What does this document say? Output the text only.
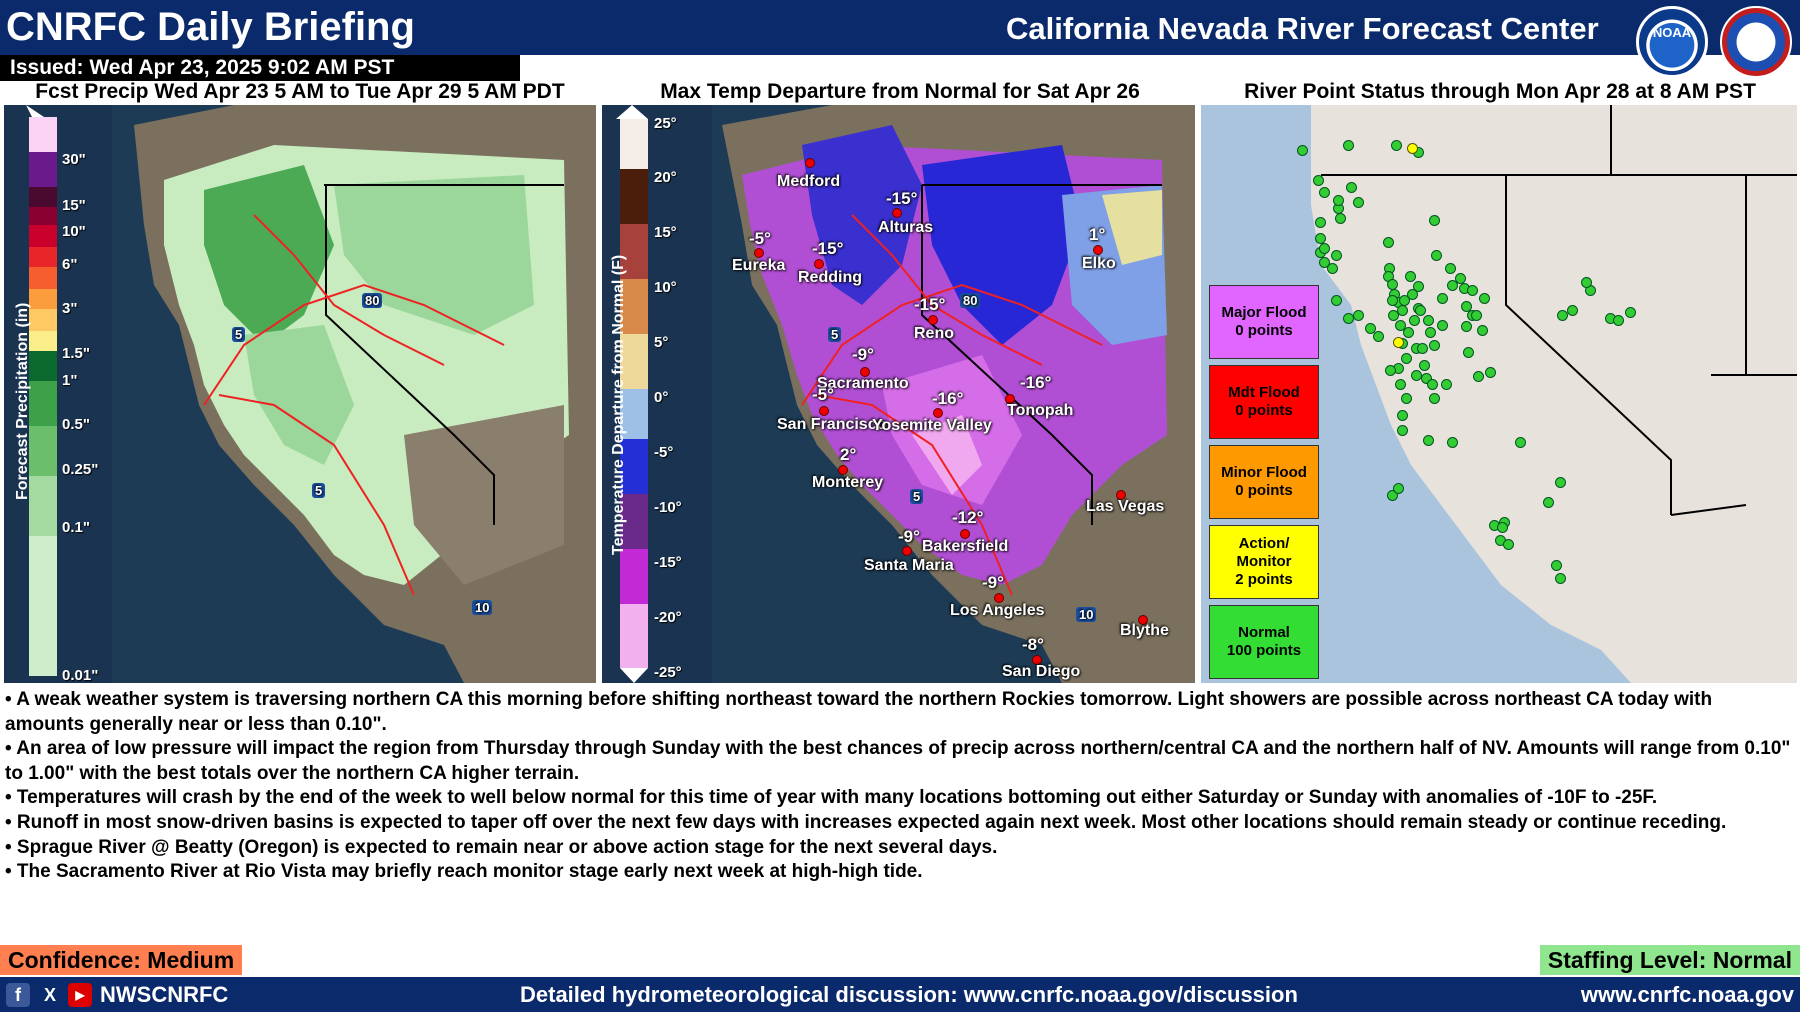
CNRFC Daily Briefing	California Nevada River Forecast Center	NOAA
Issued: Wed Apr 23, 2025 9:02 AM PST
Fcst Precip Wed Apr 23 5 AM to Tue Apr 29 5 AM PDT	Max Temp Departure from Normal for Sat Apr 26	River Point Status through Mon Apr 28 at 8 AM PST
Forecast Precipitation (in)
30"
15"
10"
6"
3"
1.5"
1"
0.5"
0.25"
0.1"
0.01"
5
80
5
10
Temperature Departure from Normal (F)
25°
20°
15°
10°
5°
0°
-5°
-10°
-15°
-20°
-25°
Medford
-15°
Alturas
-5°
Eureka
-15°
Redding
1°
Elko
-15°
Reno
-9°
Sacramento
-5°
San Francisco
-16°
Yosemite Valley
-16°
Tonopah
2°
Monterey
-12°
Bakersfield
-9°
Santa Maria
-9°
Los Angeles
Las Vegas
Blythe
-8°
San Diego
5
80
5
10
Major Flood
0 points
Mdt Flood
0 points
Minor Flood
0 points
Action/ Monitor
2 points
Normal
100 points

• A weak weather system is traversing northern CA this morning before shifting northeast toward the northern Rockies tomorrow. Light showers are possible across northeast CA today with amounts generally near or less than 0.10".

• An area of low pressure will impact the region from Thursday through Sunday with the best chances of precip across northern/central CA and the northern half of NV. Amounts will range from 0.10" to 1.00" with the best totals over the northern CA higher terrain.

• Temperatures will crash by the end of the week to well below normal for this time of year with many locations bottoming out either Saturday or Sunday with anomalies of -10F to -25F.

• Runoff in most snow-driven basins is expected to taper off over the next few days with increases expected again next week. Most other locations should remain steady or continue receding.

• Sprague River @ Beatty (Oregon) is expected to remain near or above action stage for the next several days.

• The Sacramento River at Rio Vista may briefly reach monitor stage early next week at high-high tide.

Confidence: Medium	Staffing Level: Normal
f	X	▶ NWSCNRFC	Detailed hydrometeorological discussion: www.cnrfc.noaa.gov/discussion	www.cnrfc.noaa.gov
